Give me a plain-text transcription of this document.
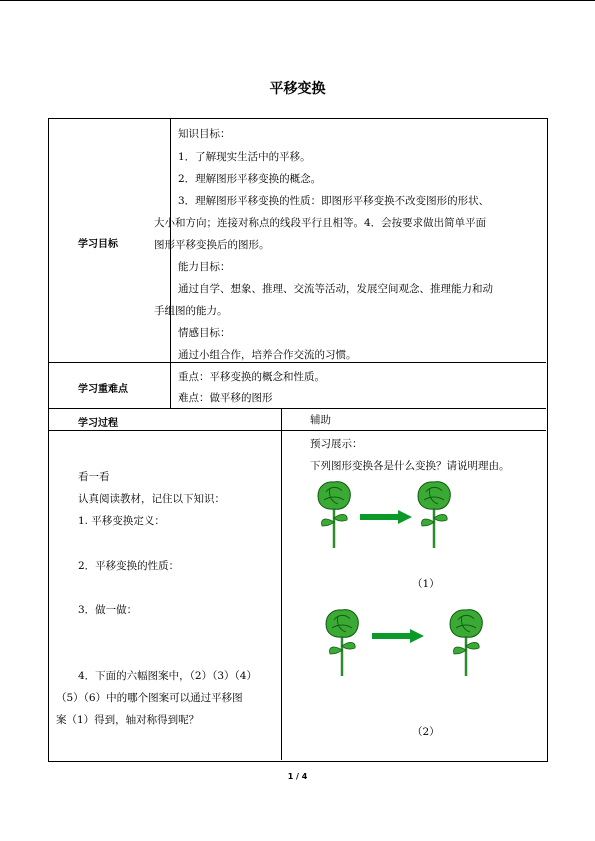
平移变换
学习目标
知识目标：
1．了解现实生活中的平移。
2．理解图形平移变换的概念。
3．理解图形平移变换的性质：即图形平移变换不改变图形的形状、
大小和方向；连接对称点的线段平行且相等。4．会按要求做出简单平面
图形平移变换后的图形。
能力目标：
通过自学、想象、推理、交流等活动，发展空间观念、推理能力和动
手组图的能力。
情感目标：
通过小组合作，培养合作交流的习惯。
学习重难点
重点：平移变换的概念和性质。
难点：做平移的图形
学习过程	辅助
看一看
认真阅读教材，记住以下知识：
1. 平移变换定义：
2．平移变换的性质：
3．做一做：
4．下面的六幅图案中，（2）（3）（4）
（5）（6）中的哪个图案可以通过平移图
案（1）得到，轴对称得到呢？
预习展示：
下列图形变换各是什么变换？请说明理由。
（1）
（2）
1 / 4
